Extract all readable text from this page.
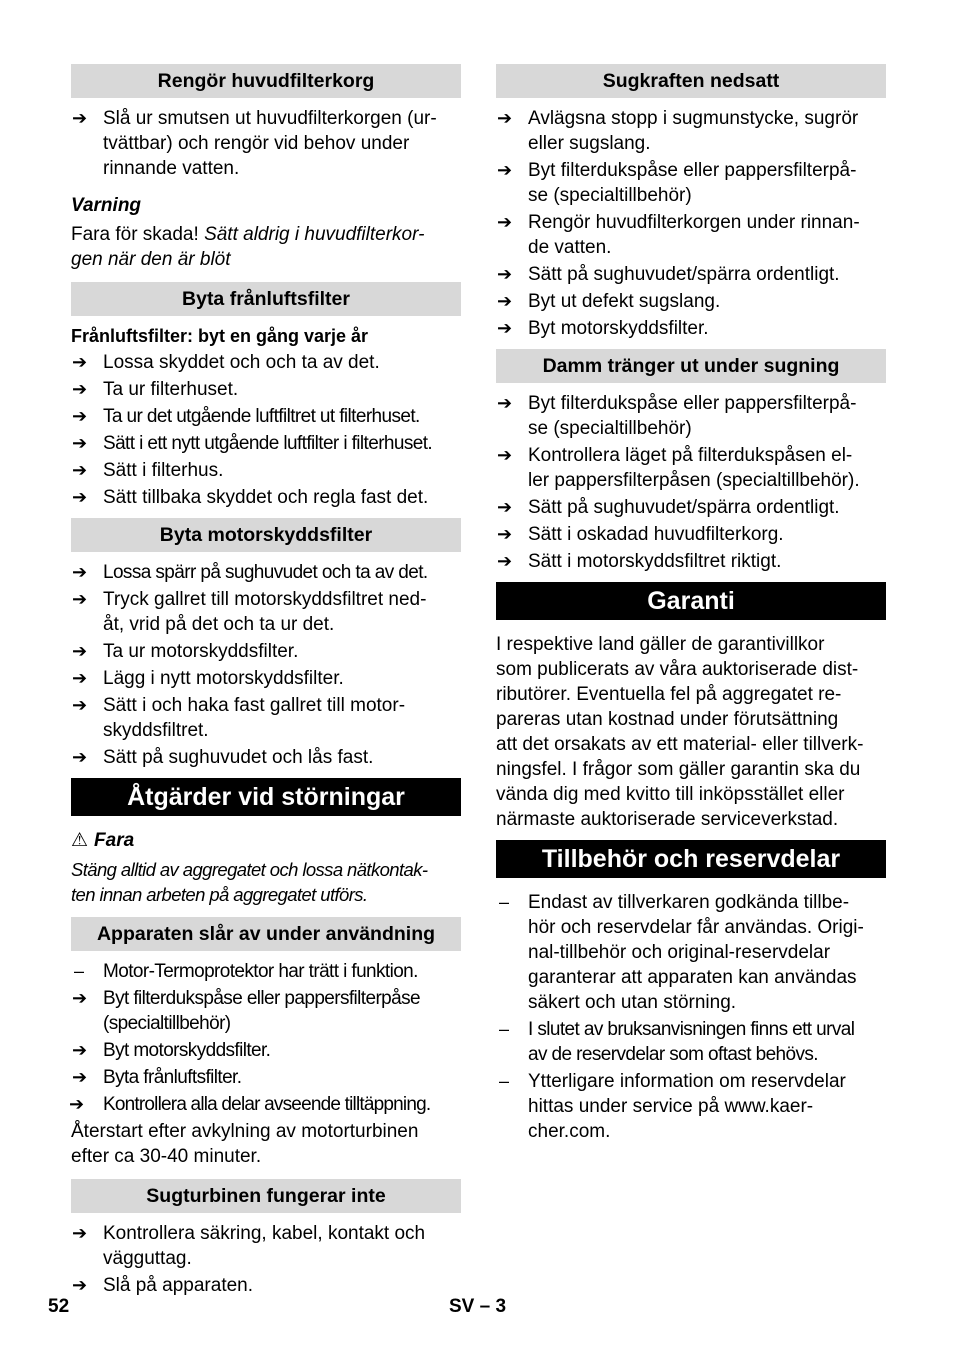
Rengör huvudfilterkorg
➔ Slå ur smutsen ut huvudfilterkorgen (ur-
tvättbar) och rengör vid behov under
rinnande vatten.
Varning
Fara för skada! Sätt aldrig i huvudfilterkor-
gen när den är blöt
Byta frånluftsfilter
Frånluftsfilter: byt en gång varje år
➔ Lossa skyddet och och ta av det.
➔ Ta ur filterhuset.
➔ Ta ur det utgående luftfiltret ut filterhuset.
➔ Sätt i ett nytt utgående luftfilter i filterhuset.
➔ Sätt i filterhus.
➔ Sätt tillbaka skyddet och regla fast det.
Byta motorskyddsfilter
➔ Lossa spärr på sughuvudet och ta av det.
➔ Tryck gallret till motorskyddsfiltret ned-
åt, vrid på det och ta ur det.
➔ Ta ur motorskyddsfilter.
➔ Lägg i nytt motorskyddsfilter.
➔ Sätt i och haka fast gallret till motor-
skyddsfiltret.
➔ Sätt på sughuvudet och lås fast.
Åtgärder vid störningar
⚠ Fara
Stäng alltid av aggregatet och lossa nätkontak-
ten innan arbeten på aggregatet utförs.
Apparaten slår av under användning
–	Motor-Termoprotektor har trätt i funktion.
➔ Byt filterdukspåse eller pappersfilterpåse
(specialtillbehör)
➔ Byt motorskyddsfilter.
➔ Byta frånluftsfilter.
➔	Kontrollera alla delar avseende tilltäppning.
Återstart efter avkylning av motorturbinen
efter ca 30-40 minuter.
Sugturbinen fungerar inte
➔ Kontrollera säkring, kabel, kontakt och
vägguttag.
➔ Slå på apparaten.
Sugkraften nedsatt
➔ Avlägsna stopp i sugmunstycke, sugrör
eller sugslang.
➔ Byt filterdukspåse eller pappersfilterpå-
se (specialtillbehör)
➔ Rengör huvudfilterkorgen under rinnan-
de vatten.
➔ Sätt på sughuvudet/spärra ordentligt.
➔ Byt ut defekt sugslang.
➔ Byt motorskyddsfilter.
Damm tränger ut under sugning
➔ Byt filterdukspåse eller pappersfilterpå-
se (specialtillbehör)
➔ Kontrollera läget på filterdukspåsen el-
ler pappersfilterpåsen (specialtillbehör).
➔ Sätt på sughuvudet/spärra ordentligt.
➔ Sätt i oskadad huvudfilterkorg.
➔ Sätt i motorskyddsfiltret riktigt.
Garanti
I respektive land gäller de garantivillkor
som publicerats av våra auktoriserade dist-
ributörer. Eventuella fel på aggregatet re-
pareras utan kostnad under förutsättning
att det orsakats av ett material- eller tillverk-
ningsfel. I frågor som gäller garantin ska du
vända dig med kvitto till inköpsstället eller
närmaste auktoriserade serviceverkstad.
Tillbehör och reservdelar
– Endast av tillverkaren godkända tillbe-
hör och reservdelar får användas. Origi-
nal-tillbehör och original-reservdelar
garanterar att apparaten kan användas
säkert och utan störning.
–	I slutet av bruksanvisningen finns ett urval
av de reservdelar som oftast behövs.
– Ytterligare information om reservdelar
hittas under service på www.kaer-
cher.com.
52	SV – 3
